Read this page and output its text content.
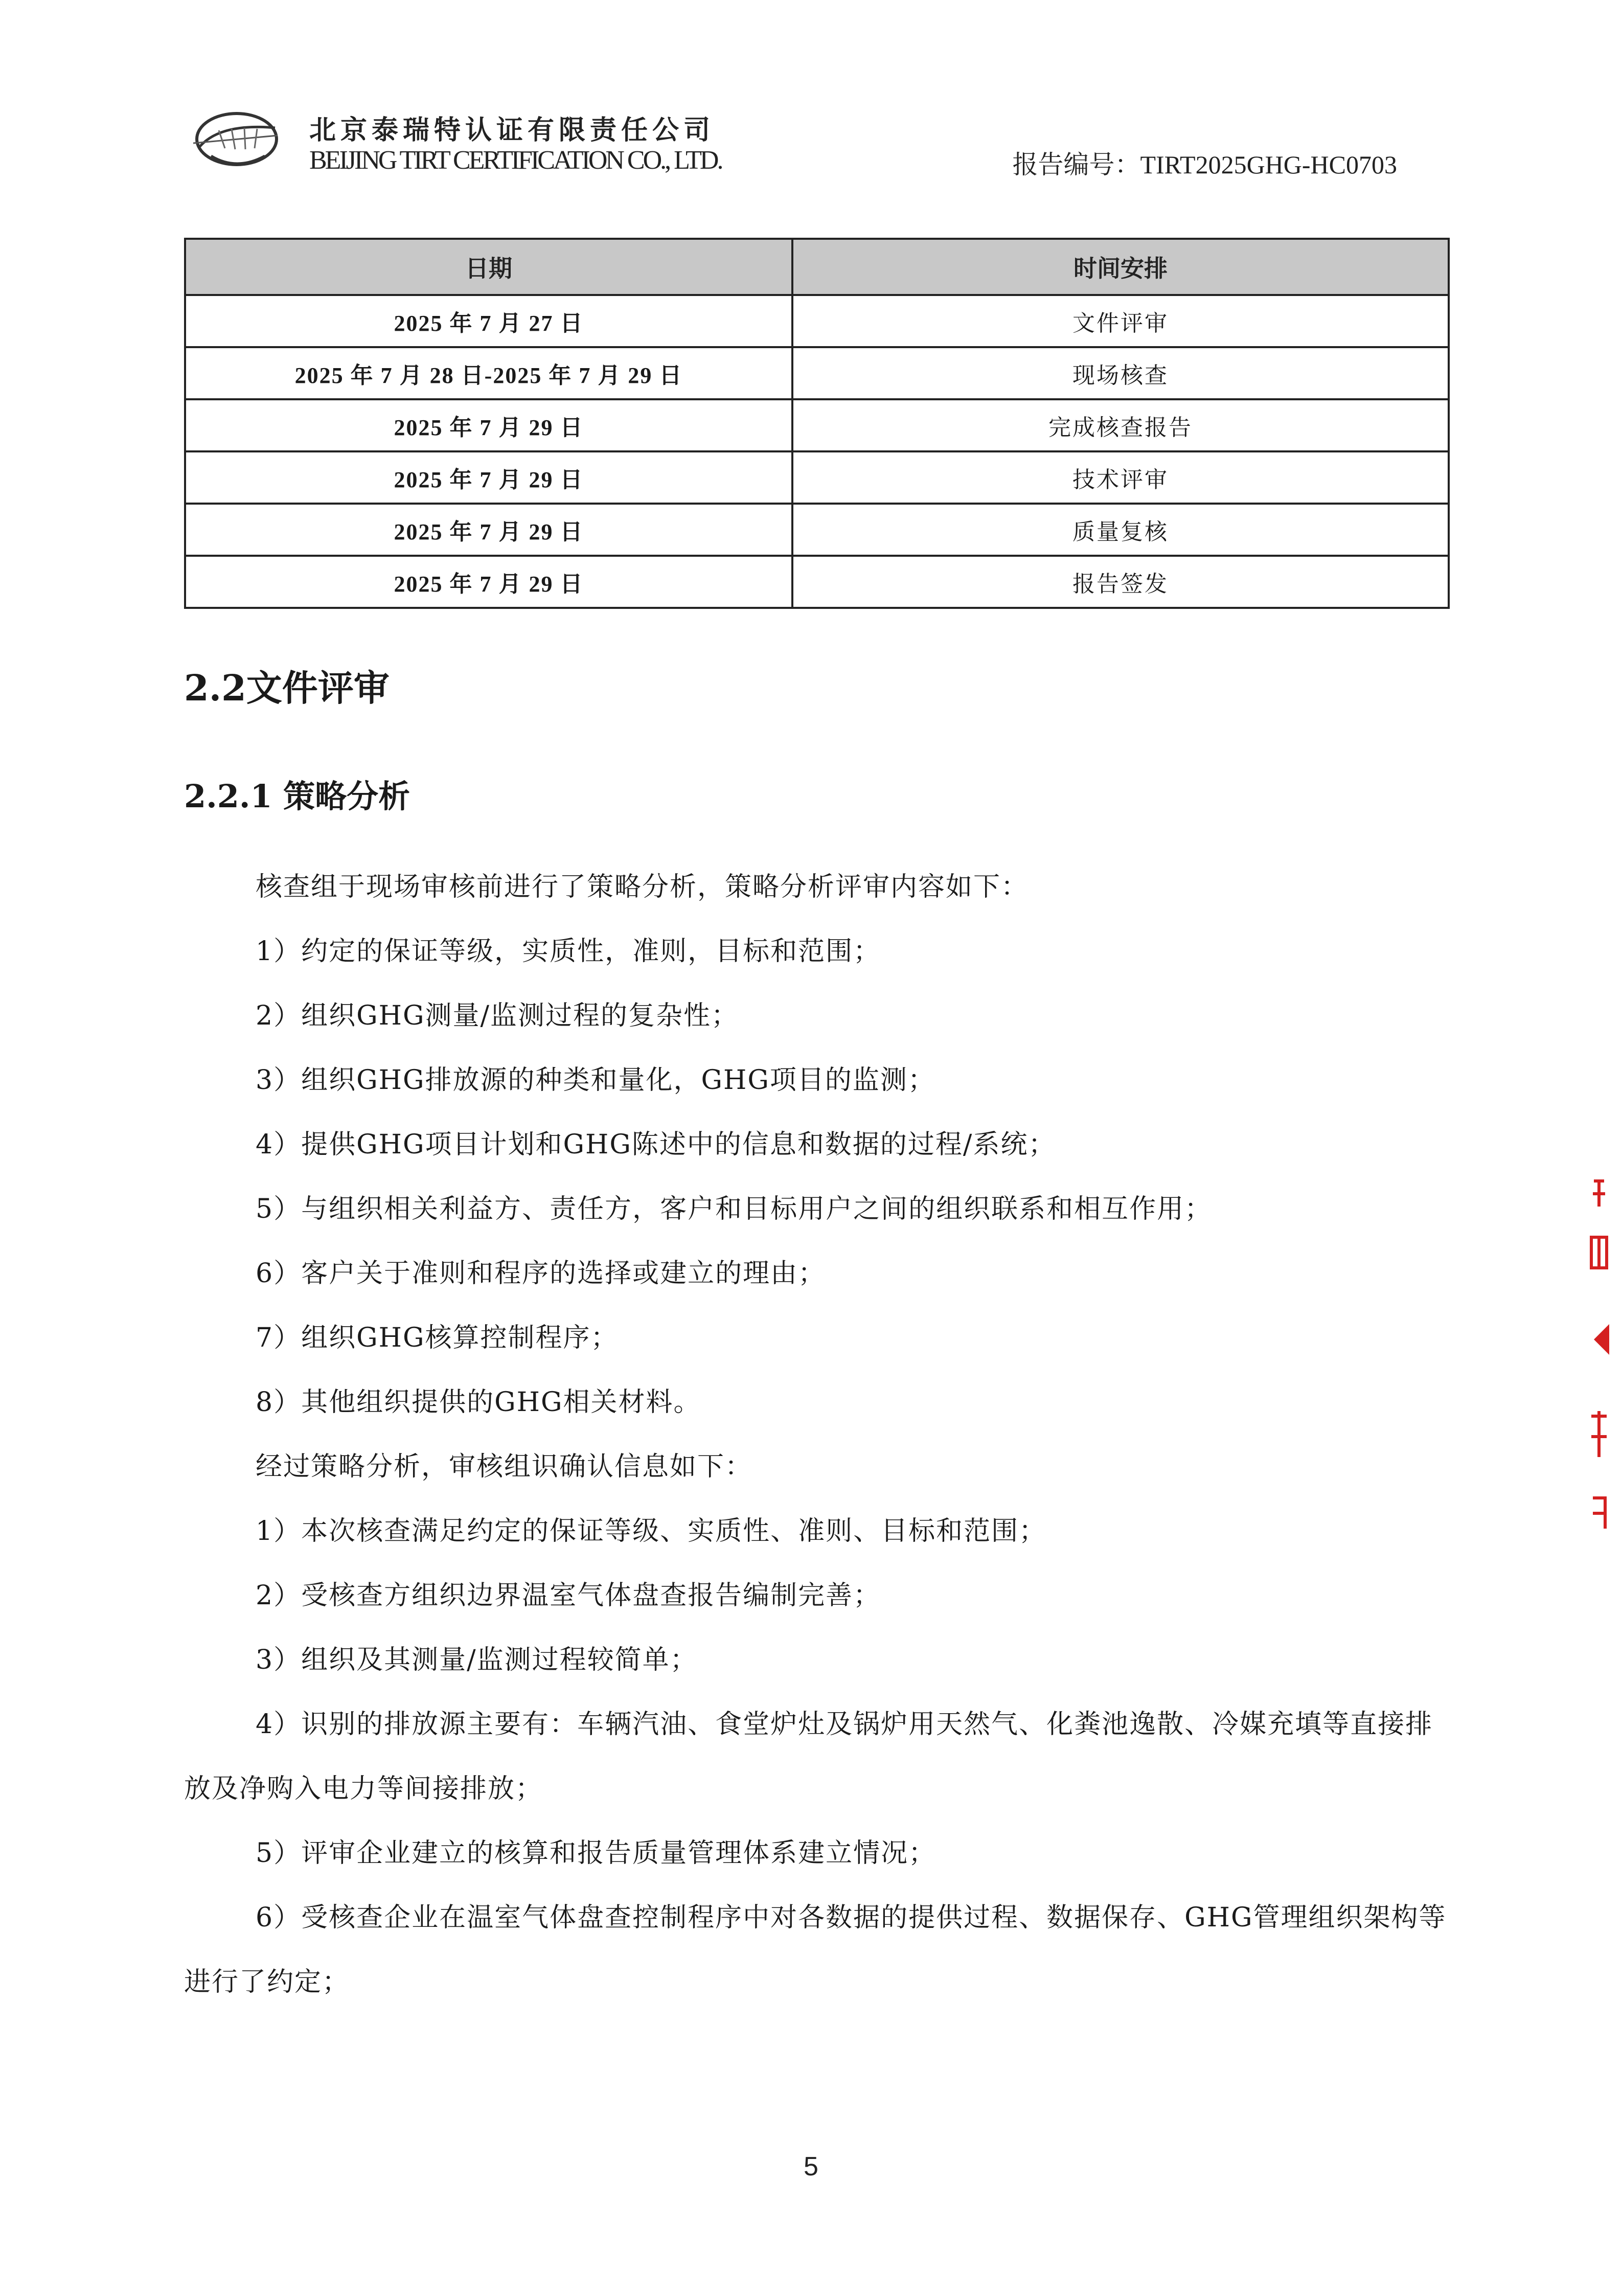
北京泰瑞特认证有限责任公司
BEIJING TIRT CERTIFICATION CO., LTD.	报告编号：TIRT2025GHG-HC0703
日期	时间安排
2025 年 7 月 27 日	文件评审
2025 年 7 月 28 日-2025 年 7 月 29 日	现场核查
2025 年 7 月 29 日	完成核查报告
2025 年 7 月 29 日	技术评审
2025 年 7 月 29 日	质量复核
2025 年 7 月 29 日	报告签发
2.2文件评审
2.2.1 策略分析

核查组于现场审核前进行了策略分析，策略分析评审内容如下：

1）约定的保证等级，实质性，准则，目标和范围；

2）组织GHG测量/监测过程的复杂性；

3）组织GHG排放源的种类和量化，GHG项目的监测；

4）提供GHG项目计划和GHG陈述中的信息和数据的过程/系统；

5）与组织相关利益方、责任方，客户和目标用户之间的组织联系和相互作用；

6）客户关于准则和程序的选择或建立的理由；

7）组织GHG核算控制程序；

8）其他组织提供的GHG相关材料。

经过策略分析，审核组识确认信息如下：

1）本次核查满足约定的保证等级、实质性、准则、目标和范围；

2）受核查方组织边界温室气体盘查报告编制完善；

3）组织及其测量/监测过程较简单；

4）识别的排放源主要有：车辆汽油、食堂炉灶及锅炉用天然气、化粪池逸散、冷媒充填等直接排放及净购入电力等间接排放；

5）评审企业建立的核算和报告质量管理体系建立情况；

6）受核查企业在温室气体盘查控制程序中对各数据的提供过程、数据保存、GHG管理组织架构等进行了约定；

5
